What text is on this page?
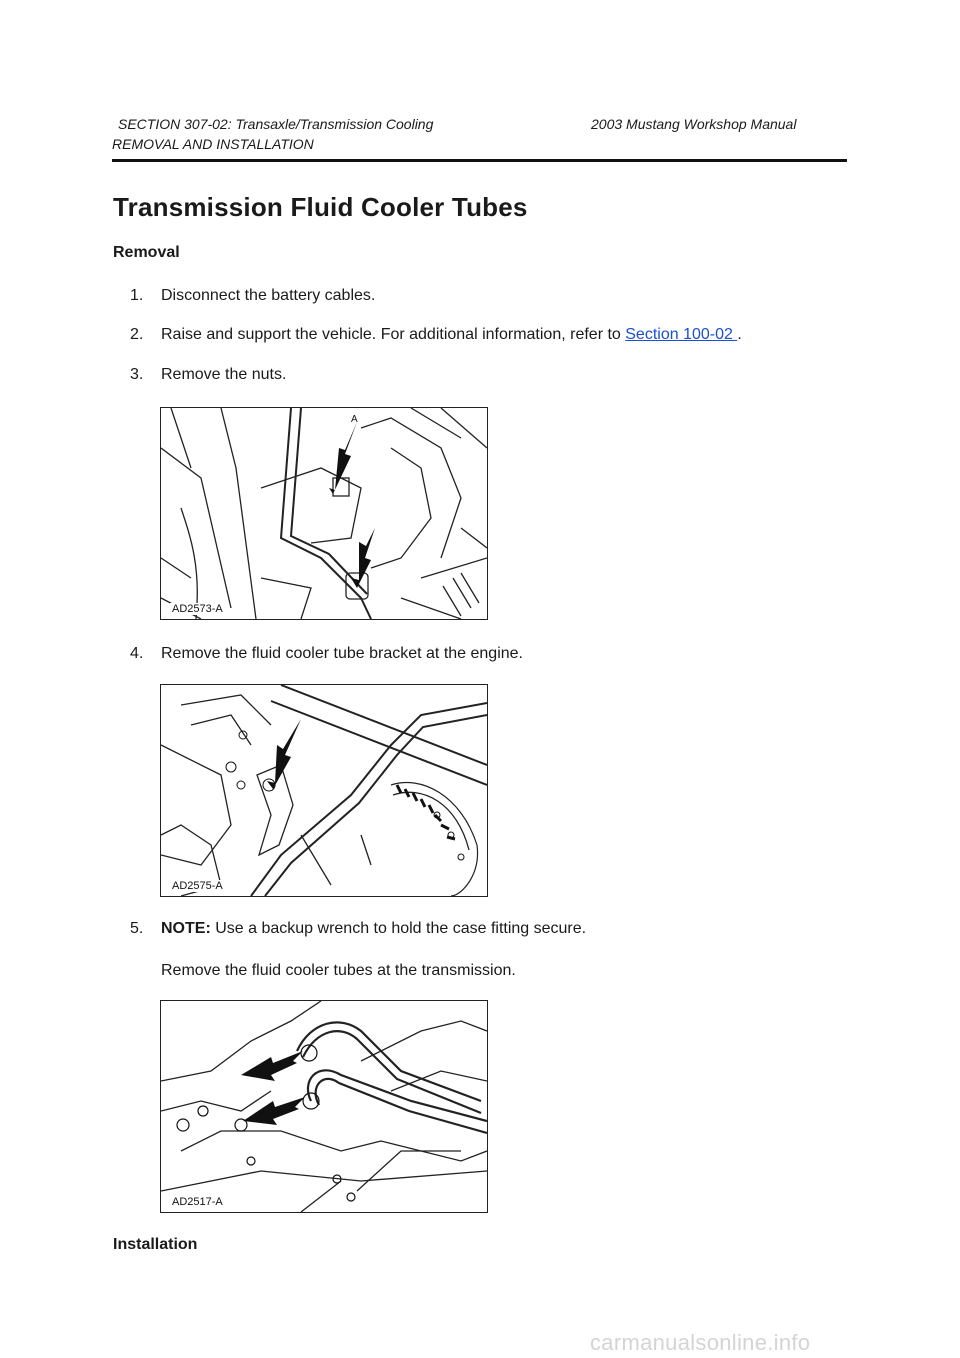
SECTION 307-02: Transaxle/Transmission Cooling	2003 Mustang Workshop Manual
REMOVAL AND INSTALLATION
Transmission Fluid Cooler Tubes
Removal
1. Disconnect the battery cables.
2. Raise and support the vehicle. For additional information, refer to Section 100-02 .
3. Remove the nuts.
A
AD2573-A
4. Remove the fluid cooler tube bracket at the engine.
AD2575-A
5. NOTE: Use a backup wrench to hold the case fitting secure.
Remove the fluid cooler tubes at the transmission.
AD2517-A
Installation
carmanualsonline.info
